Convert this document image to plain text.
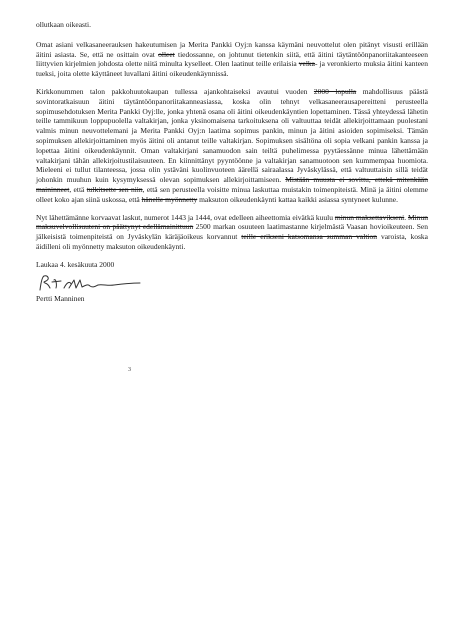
ollutkaan oikeasti.

Omat asiani velkasaneerauksen hakeutumisen ja Merita Pankki Oyj:n kanssa käymäni neuvottelut olen pitänyt visusti erillään äitini asiasta. Se, että ne osittain ovat olleet tiedossanne, on johtunut tietenkin siitä, että äitini täytäntöönpanoriitakanteeseen liittyvien kirjelmien johdosta olette niitä minulta kyselleet. Olen laatinut teille erilaisia velka- ja veronkierto muksia äitini kanteen tueksi, joita olette käyttäneet luvallani äitini oikeudenkäynnissä.

Kirkkonummen talon pakkohuutokaupan tullessa ajankohtaiseksi avautui vuoden 2000 lopulla mahdollisuus päästä sovintoratkaisuun äitini täytäntöönpanoriitakanneasiassa, koska olin tehnyt velkasaneerausapereitteni perusteella sopimusehdotuksen Merita Pankki Oyj:lle, jonka yhtenä osana oli äitini oikeudenkäyntien lopettaminen. Tässä yhteydessä lähetin teille tammikuun loppupuolella valtakirjan, jonka yksinomaisena tarkoituksena oli valtuuttaa teidät allekirjoittamaan puolestani valmis minun neuvottelemani ja Merita Pankki Oyj:n laatima sopimus pankin, minun ja äitini asioiden sopimiseksi. Tämän sopimuksen allekirjoittaminen myös äitini oli antanut teille valtakirjan. Sopimuksen sisältöna oli sopia velkani pankin kanssa ja lopettaa äitini oikeudenkäynnit. Oman valtakirjani sanamuodon sain teiltä puhelimessa pyytäessänne minua lähettämään valtakirjani tähän allekirjoitustilaisuuteen. En kiinnittänyt pyyntöönne ja valtakirjan sanamuotoon sen kummempaa huomiota. Mieleeni ei tullut tilanteessa, jossa olin ystäväni kuolinvuoteen äärellä sairaalassa Jyväskylässä, että valtuuttaisin sillä teidät johonkin muuhun kuin kysymyksessä olevan sopimuksen allekirjoittamiseen. Mistään muusta ei sovittu, ettekä mitenkään maininneet, että tulkitsette sen niin, että sen perusteella voisitte minua laskuttaa muistakin toimenpiteistä. Minä ja äitini olemme olleet koko ajan siinä uskossa, että hänelle myönnetty maksuton oikeudenkäynti kattaa kaikki asiassa syntyneet kulunne.

Nyt lähettämänne korvaavat laskut, numerot 1443 ja 1444, ovat edelleen aiheettomia eivätkä kuulu minun maksettavikseni. Minun maksuvelvollisuuteni on päättynyt edellämainittuun 2500 markan osuuteen laatimastanne kirjelmästä Vaasan hovioikeuteen. Sen jälkeisistä toimenpiteistä on Jyväskylän käräjäoikeus korvannut teille erikseni katsomansa summan valtion varoista, koska äidilleni oli myönnetty maksuton oikeudenkäynti.

Laukaa 4. kesäkuuta 2000

3

Pertti Manninen
